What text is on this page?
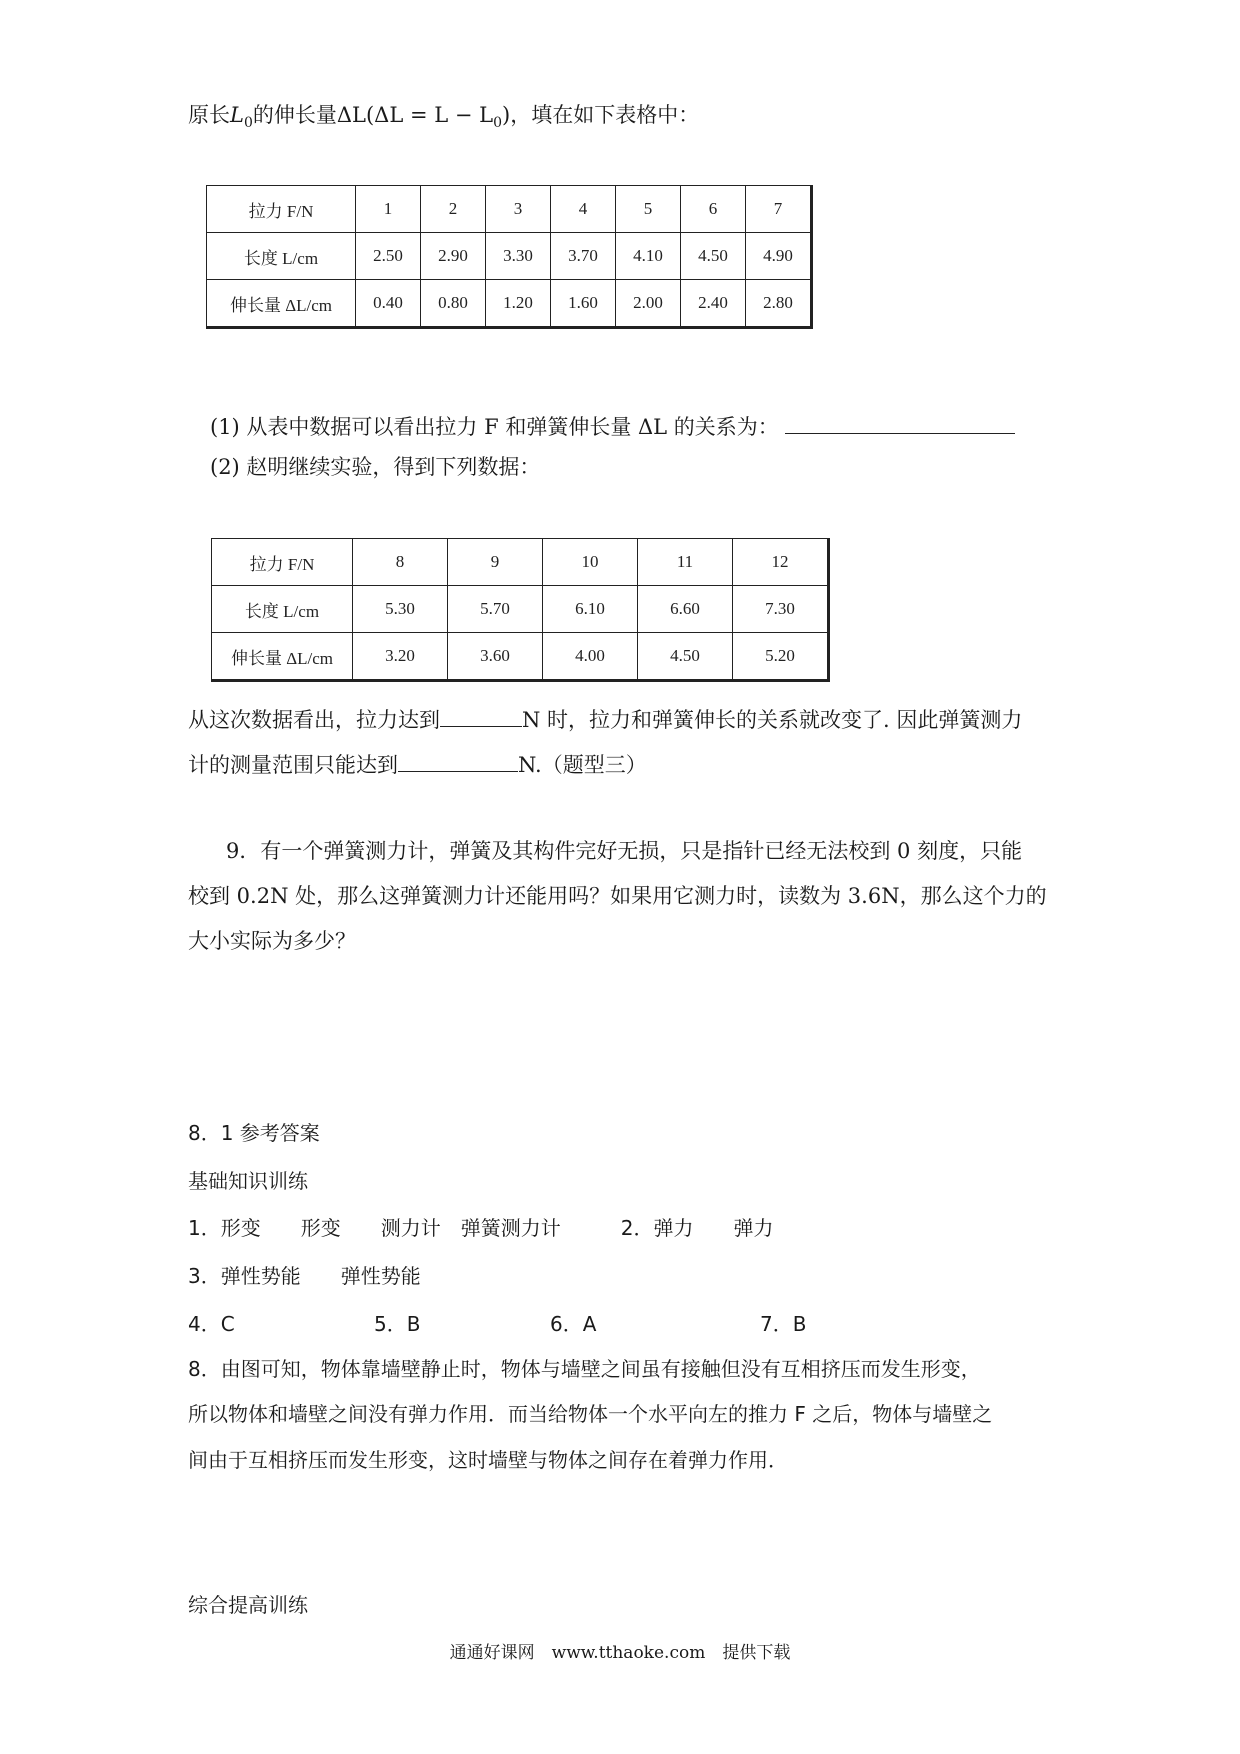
原长$L_0$的伸长量$\Delta L(\Delta L = L - L_0)$，填在如下表格中：
拉力 F/N	1	2	3	4	5	6	7
长度 L/cm	2.50	2.90	3.30	3.70	4.10	4.50	4.90
伸长量 ΔL/cm	0.40	0.80	1.20	1.60	2.00	2.40	2.80
(1) 从表中数据可以看出拉力 F 和弹簧伸长量 ΔL 的关系为：
(2) 赵明继续实验，得到下列数据：
拉力 F/N	8	9	10	11	12
长度 L/cm	5.30	5.70	6.10	6.60	7.30
伸长量 ΔL/cm	3.20	3.60	4.00	4.50	5.20
从这次数据看出，拉力达到	N 时，拉力和弹簧伸长的关系就改变了. 因此弹簧测力
计的测量范围只能达到	N.（题型三）
9．有一个弹簧测力计，弹簧及其构件完好无损，只是指针已经无法校到 0 刻度，只能
校到 0.2N 处，那么这弹簧测力计还能用吗？如果用它测力时，读数为 3.6N，那么这个力的
大小实际为多少？
8．1 参考答案
基础知识训练
1．形变　　形变　　测力计　弹簧测力计　　　2．弹力　　弹力
3．弹性势能　　弹性势能
4．C	5．B	6．A	7．B
8．由图可知，物体靠墙壁静止时，物体与墙壁之间虽有接触但没有互相挤压而发生形变，
所以物体和墙壁之间没有弹力作用．而当给物体一个水平向左的推力 F 之后，物体与墙壁之
间由于互相挤压而发生形变，这时墙壁与物体之间存在着弹力作用．
综合提高训练
通通好课网　www.tthaoke.com　提供下载
